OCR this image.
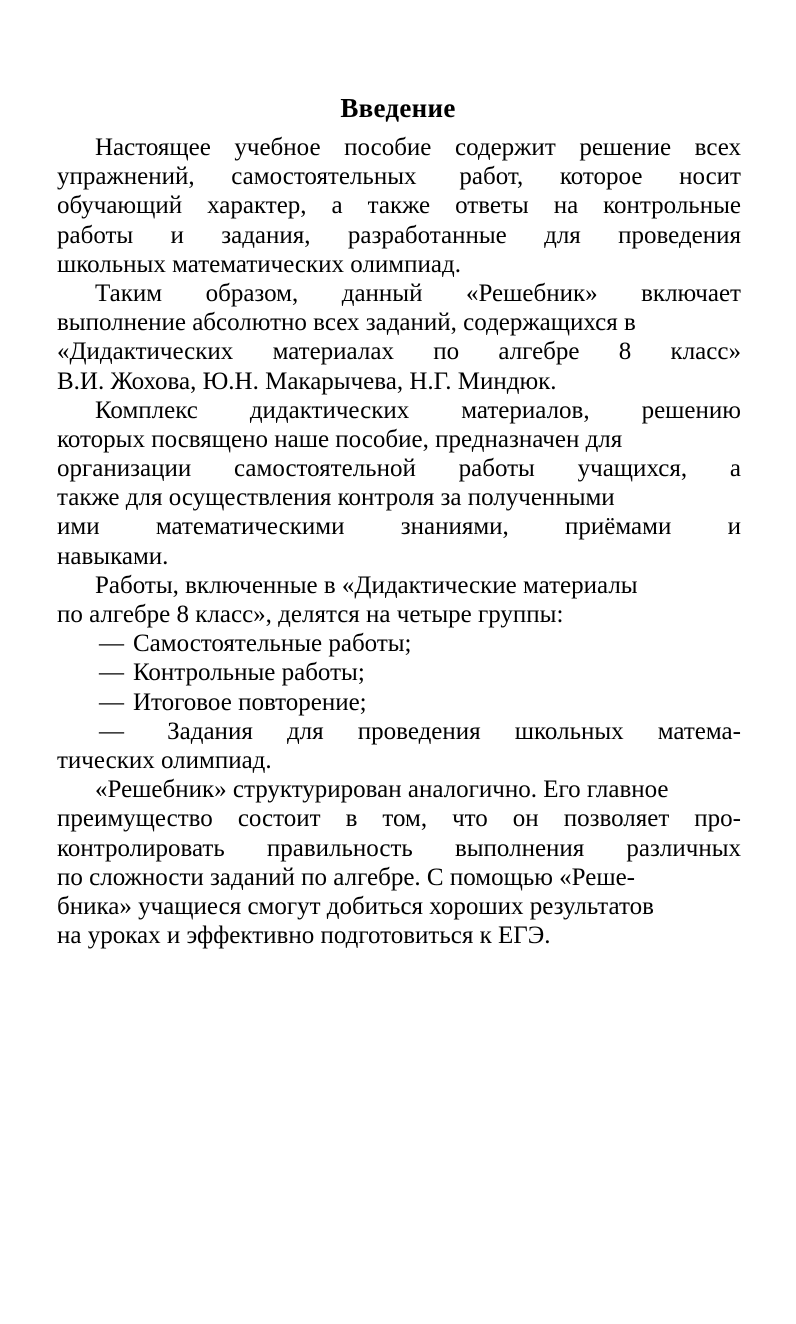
Введение
Настоящее учебное пособие содержит решение всех
упражнений, самостоятельных работ, которое носит
обучающий характер, а также ответы на контрольные
работы и задания, разработанные для проведения
школьных математических олимпиад.
Таким образом, данный «Решебник» включает
выполнение абсолютно всех заданий, содержащихся в
«Дидактических материалах по алгебре 8 класс»
В.И. Жохова, Ю.Н. Макарычева, Н.Г. Миндюк.
Комплекс дидактических материалов, решению
которых посвящено наше пособие, предназначен для
организации самостоятельной работы учащихся, а
также для осуществления контроля за полученными
ими математическими знаниями, приёмами и
навыками.
Работы, включенные в «Дидактические материалы
по алгебре 8 класс», делятся на четыре группы:
— Самостоятельные работы;
— Контрольные работы;
— Итоговое повторение;
—	Задания для проведения школьных матема-
тических олимпиад.
«Решебник» структурирован аналогично. Его главное
преимущество состоит в том, что он позволяет про-
контролировать правильность выполнения различных
по сложности заданий по алгебре. С помощью «Реше-
бника» учащиеся смогут добиться хороших результатов
на уроках и эффективно подготовиться к ЕГЭ.
